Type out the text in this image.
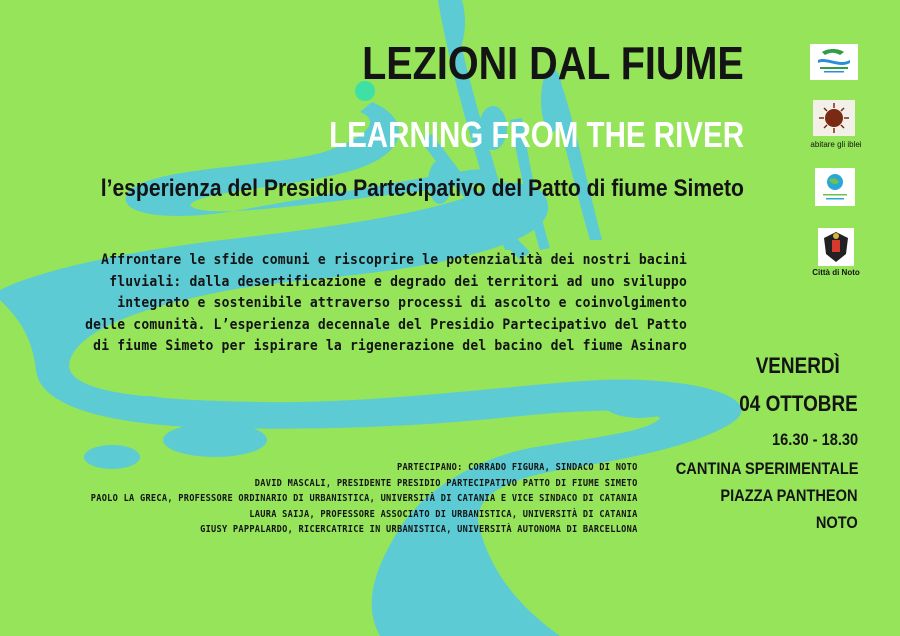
LEZIONI DAL FIUME
LEARNING FROM THE RIVER
l’esperienza del Presidio Partecipativo del Patto di fiume Simeto
Affrontare le sfide comuni e riscoprire le potenzialità dei nostri bacini
fluviali: dalla desertificazione e degrado dei territori ad uno sviluppo
integrato e sostenibile attraverso processi di ascolto e coinvolgimento
delle comunità. L’esperienza decennale del Presidio Partecipativo del Patto
di fiume Simeto per ispirare la rigenerazione del bacino del fiume Asinaro
VENERDÌ
04 OTTOBRE
16.30 - 18.30
CANTINA SPERIMENTALE
PIAZZA PANTHEON
NOTO
PARTECIPANO: CORRADO FIGURA, SINDACO DI NOTO
DAVID MASCALI, PRESIDENTE PRESIDIO PARTECIPATIVO PATTO DI FIUME SIMETO
PAOLO LA GRECA, PROFESSORE ORDINARIO DI URBANISTICA, UNIVERSITÀ DI CATANIA E VICE SINDACO DI CATANIA
LAURA SAIJA, PROFESSORE ASSOCIATO DI URBANISTICA, UNIVERSITÀ DI CATANIA
GIUSY PAPPALARDO, RICERCATRICE IN URBANISTICA, UNIVERSITÀ AUTONOMA DI BARCELLONA
abitare gli iblei
Città di Noto
